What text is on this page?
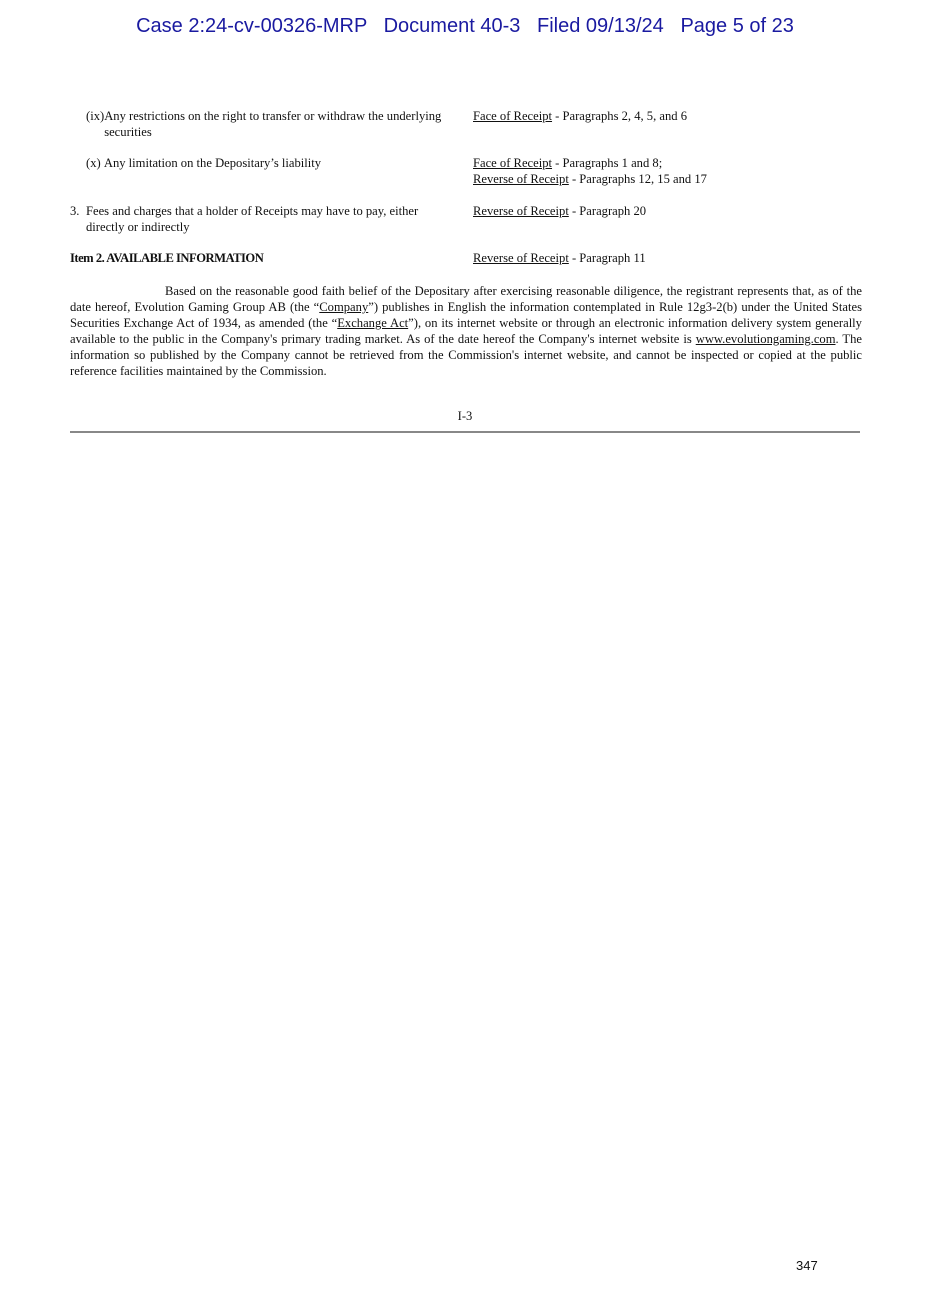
Case 2:24-cv-00326-MRP   Document 40-3   Filed 09/13/24   Page 5 of 23
(ix) Any restrictions on the right to transfer or withdraw the underlying securities
Face of Receipt - Paragraphs 2, 4, 5, and 6
(x) Any limitation on the Depositary’s liability	Face of Receipt - Paragraphs 1 and 8;
Reverse of Receipt - Paragraphs 12, 15 and 17
3. Fees and charges that a holder of Receipts may have to pay, either directly or indirectly
Reverse of Receipt - Paragraph 20
Item 2. AVAILABLE INFORMATION	Reverse of Receipt - Paragraph 11
Based on the reasonable good faith belief of the Depositary after exercising reasonable diligence, the registrant represents that, as of the date hereof, Evolution Gaming Group AB (the “Company”) publishes in English the information contemplated in Rule 12g3-2(b) under the United States Securities Exchange Act of 1934, as amended (the “Exchange Act”), on its internet website or through an electronic information delivery system generally available to the public in the Company's primary trading market. As of the date hereof the Company's internet website is www.evolutiongaming.com. The information so published by the Company cannot be retrieved from the Commission's internet website, and cannot be inspected or copied at the public reference facilities maintained by the Commission.
I-3
347
